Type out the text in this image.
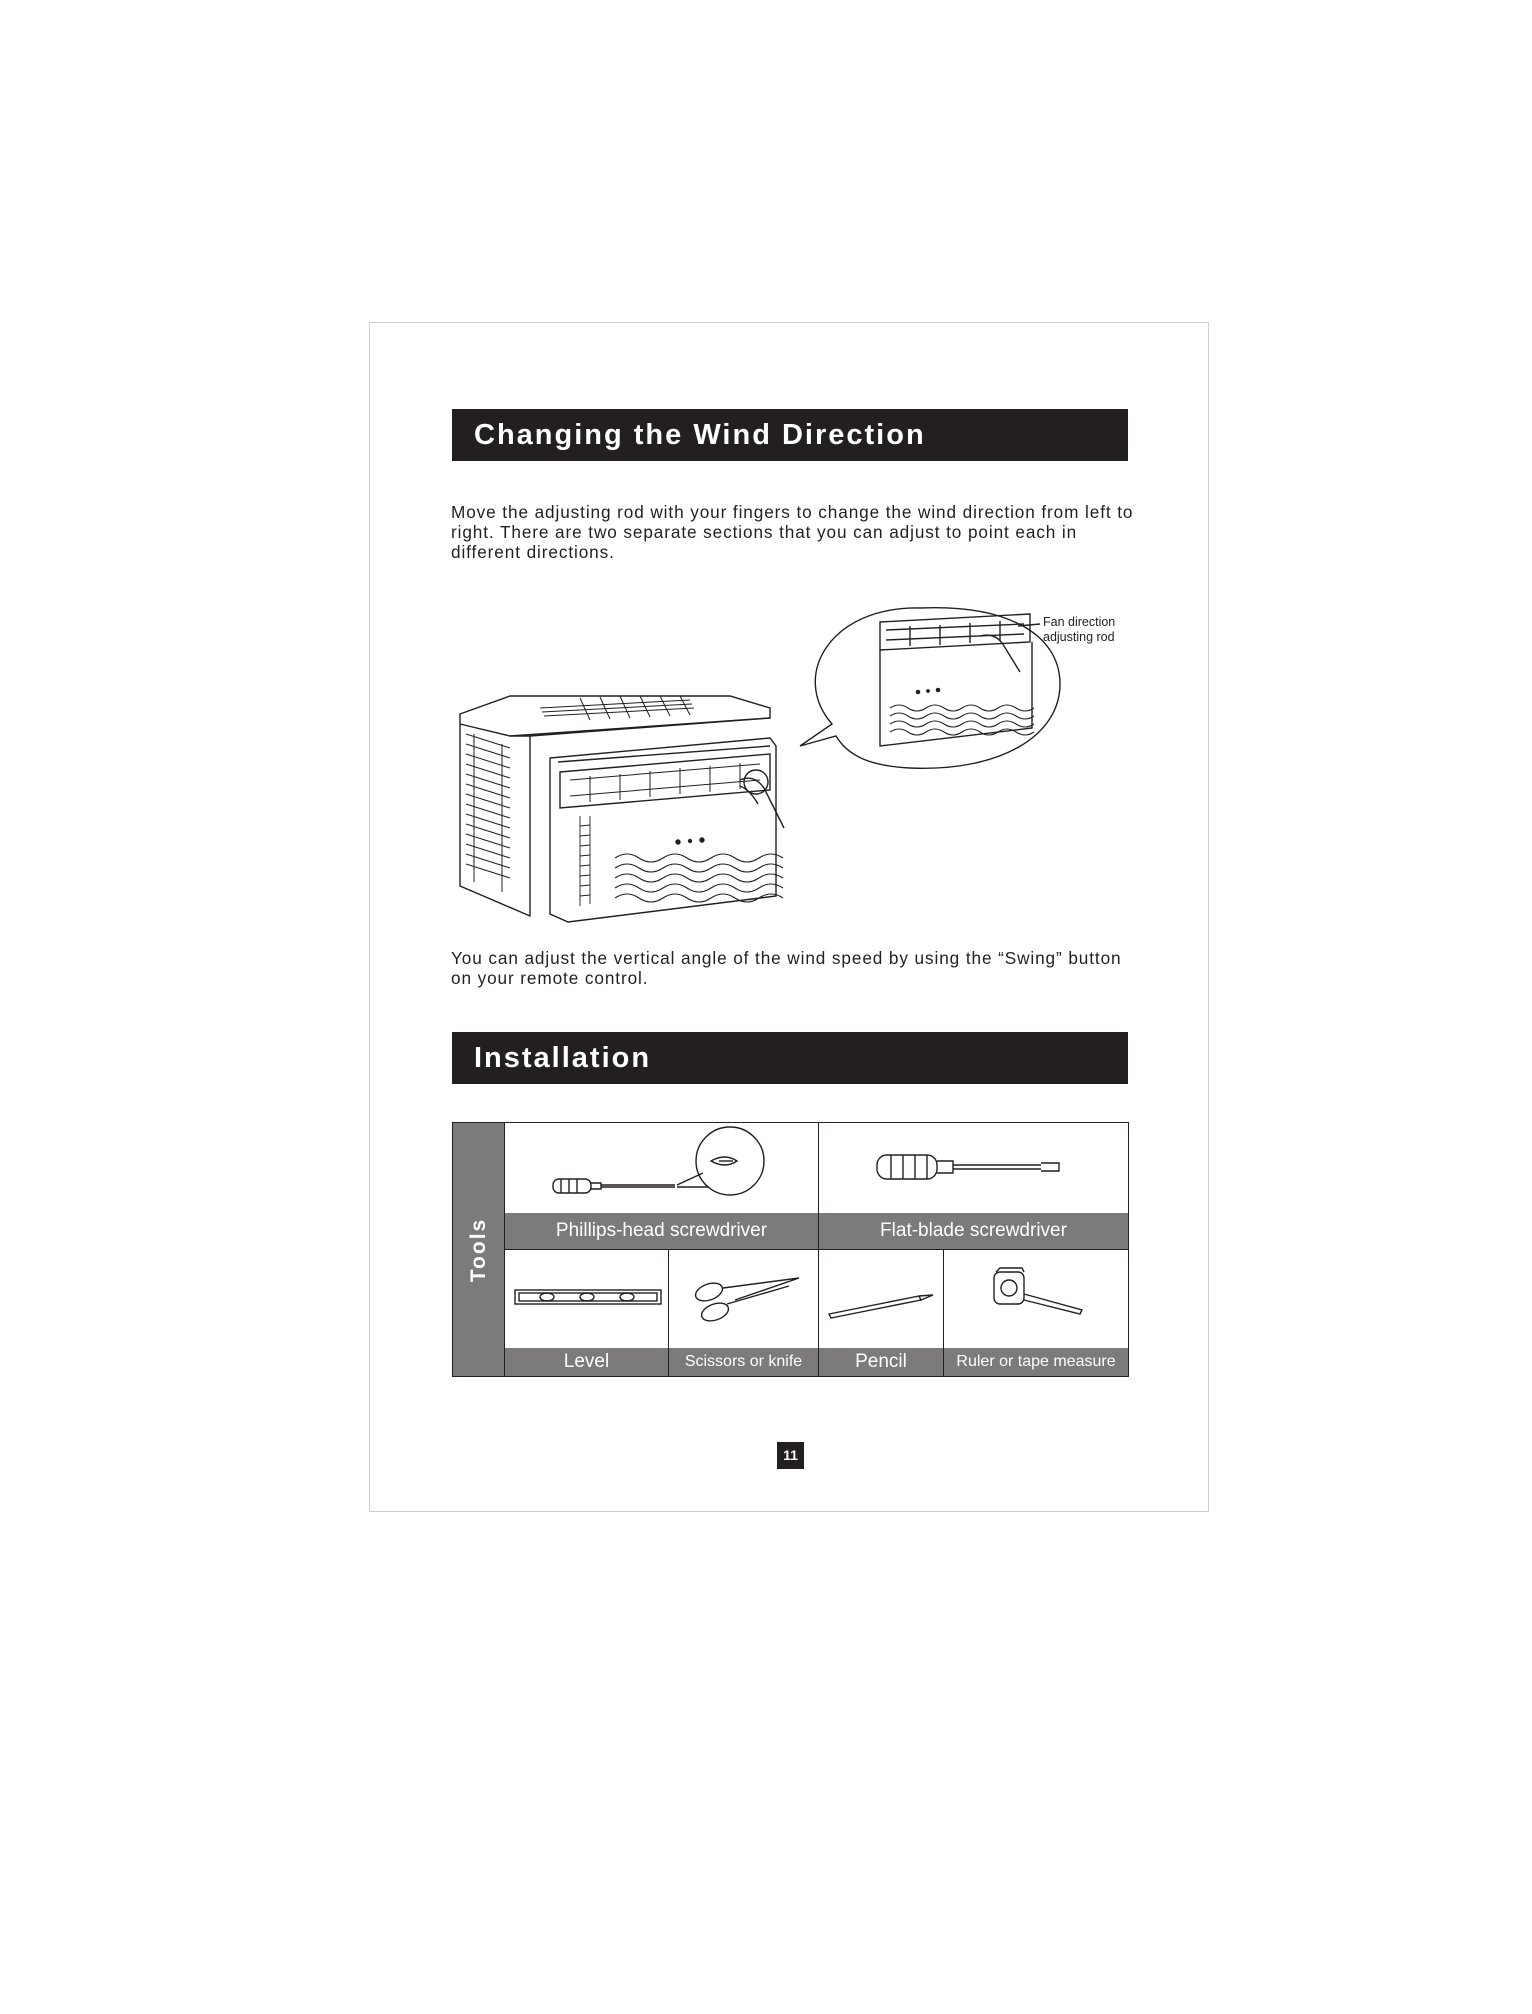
Changing the Wind Direction

Move the adjusting rod with your fingers to change the wind direction from left to right. There are two separate sections that you can adjust to point each in different directions.

Fan direction
adjusting rod

You can adjust the vertical angle of the wind speed by using the “Swing” button on your remote control.

Installation
Tools	Phillips-head screwdriver	Flat-blade screwdriver
Level	Scissors or knife	Pencil	Ruler or tape measure
11
